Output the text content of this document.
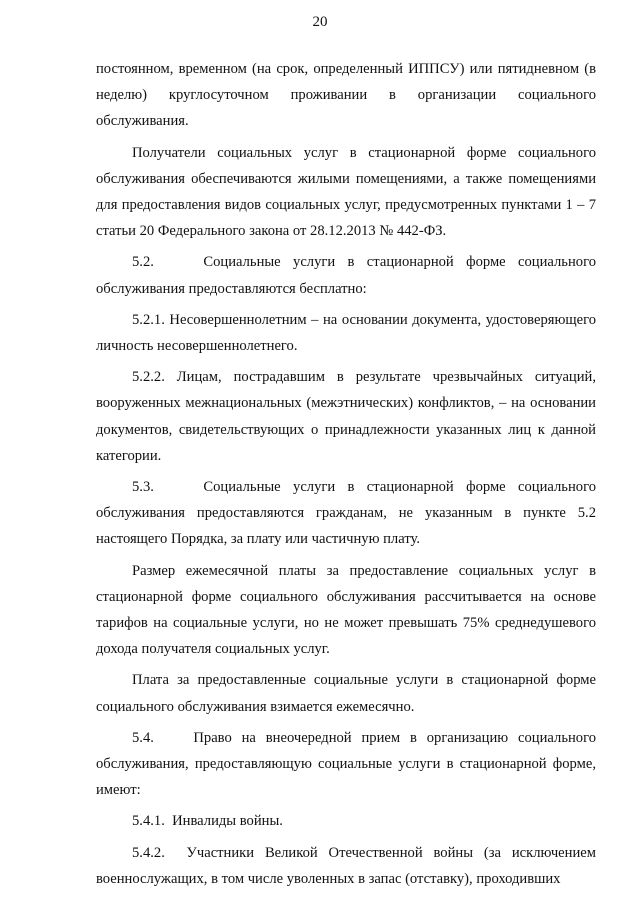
20

постоянном, временном (на срок, определенный ИППСУ) или пятидневном (в неделю) круглосуточном проживании в организации социального обслуживания.

Получатели социальных услуг в стационарной форме социального обслуживания обеспечиваются жилыми помещениями, а также помещениями для предоставления видов социальных услуг, предусмотренных пунктами 1 – 7 статьи 20 Федерального закона от 28.12.2013 № 442-ФЗ.

5.2.    Социальные услуги в стационарной форме социального обслуживания предоставляются бесплатно:

5.2.1. Несовершеннолетним – на основании документа, удостоверяющего личность несовершеннолетнего.

5.2.2. Лицам, пострадавшим в результате чрезвычайных ситуаций, вооруженных межнациональных (межэтнических) конфликтов, – на основании документов, свидетельствующих о принадлежности указанных лиц к данной категории.

5.3.    Социальные услуги в стационарной форме социального обслуживания предоставляются гражданам, не указанным в пункте 5.2 настоящего Порядка, за плату или частичную плату.

Размер ежемесячной платы за предоставление социальных услуг в стационарной форме социального обслуживания рассчитывается на основе тарифов на социальные услуги, но не может превышать 75% среднедушевого дохода получателя социальных услуг.

Плата за предоставленные социальные услуги в стационарной форме социального обслуживания взимается ежемесячно.

5.4.    Право на внеочередной прием в организацию социального обслуживания, предоставляющую социальные услуги в стационарной форме, имеют:

5.4.1.  Инвалиды войны.

5.4.2.  Участники Великой Отечественной войны (за исключением военнослужащих, в том числе уволенных в запас (отставку), проходивших
